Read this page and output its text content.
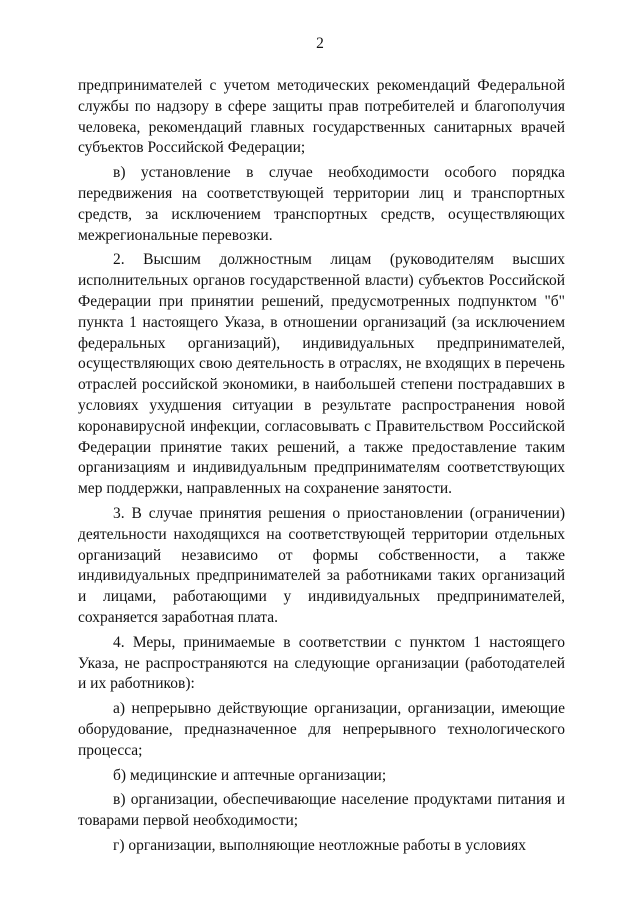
2

предпринимателей с учетом методических рекомендаций Федеральной службы по надзору в сфере защиты прав потребителей и благополучия человека, рекомендаций главных государственных санитарных врачей субъектов Российской Федерации;

в) установление в случае необходимости особого порядка передвижения на соответствующей территории лиц и транспортных средств, за исключением транспортных средств, осуществляющих межрегиональные перевозки.

2. Высшим должностным лицам (руководителям высших исполнительных органов государственной власти) субъектов Российской Федерации при принятии решений, предусмотренных подпунктом "б" пункта 1 настоящего Указа, в отношении организаций (за исключением федеральных организаций), индивидуальных предпринимателей, осуществляющих свою деятельность в отраслях, не входящих в перечень отраслей российской экономики, в наибольшей степени пострадавших в условиях ухудшения ситуации в результате распространения новой коронавирусной инфекции, согласовывать с Правительством Российской Федерации принятие таких решений, а также предоставление таким организациям и индивидуальным предпринимателям соответствующих мер поддержки, направленных на сохранение занятости.

3. В случае принятия решения о приостановлении (ограничении) деятельности находящихся на соответствующей территории отдельных организаций независимо от формы собственности, а также индивидуальных предпринимателей за работниками таких организаций и лицами, работающими у индивидуальных предпринимателей, сохраняется заработная плата.

4. Меры, принимаемые в соответствии с пунктом 1 настоящего Указа, не распространяются на следующие организации (работодателей и их работников):

а) непрерывно действующие организации, организации, имеющие оборудование, предназначенное для непрерывного технологического процесса;

б) медицинские и аптечные организации;

в) организации, обеспечивающие население продуктами питания и товарами первой необходимости;

г) организации, выполняющие неотложные работы в условиях
